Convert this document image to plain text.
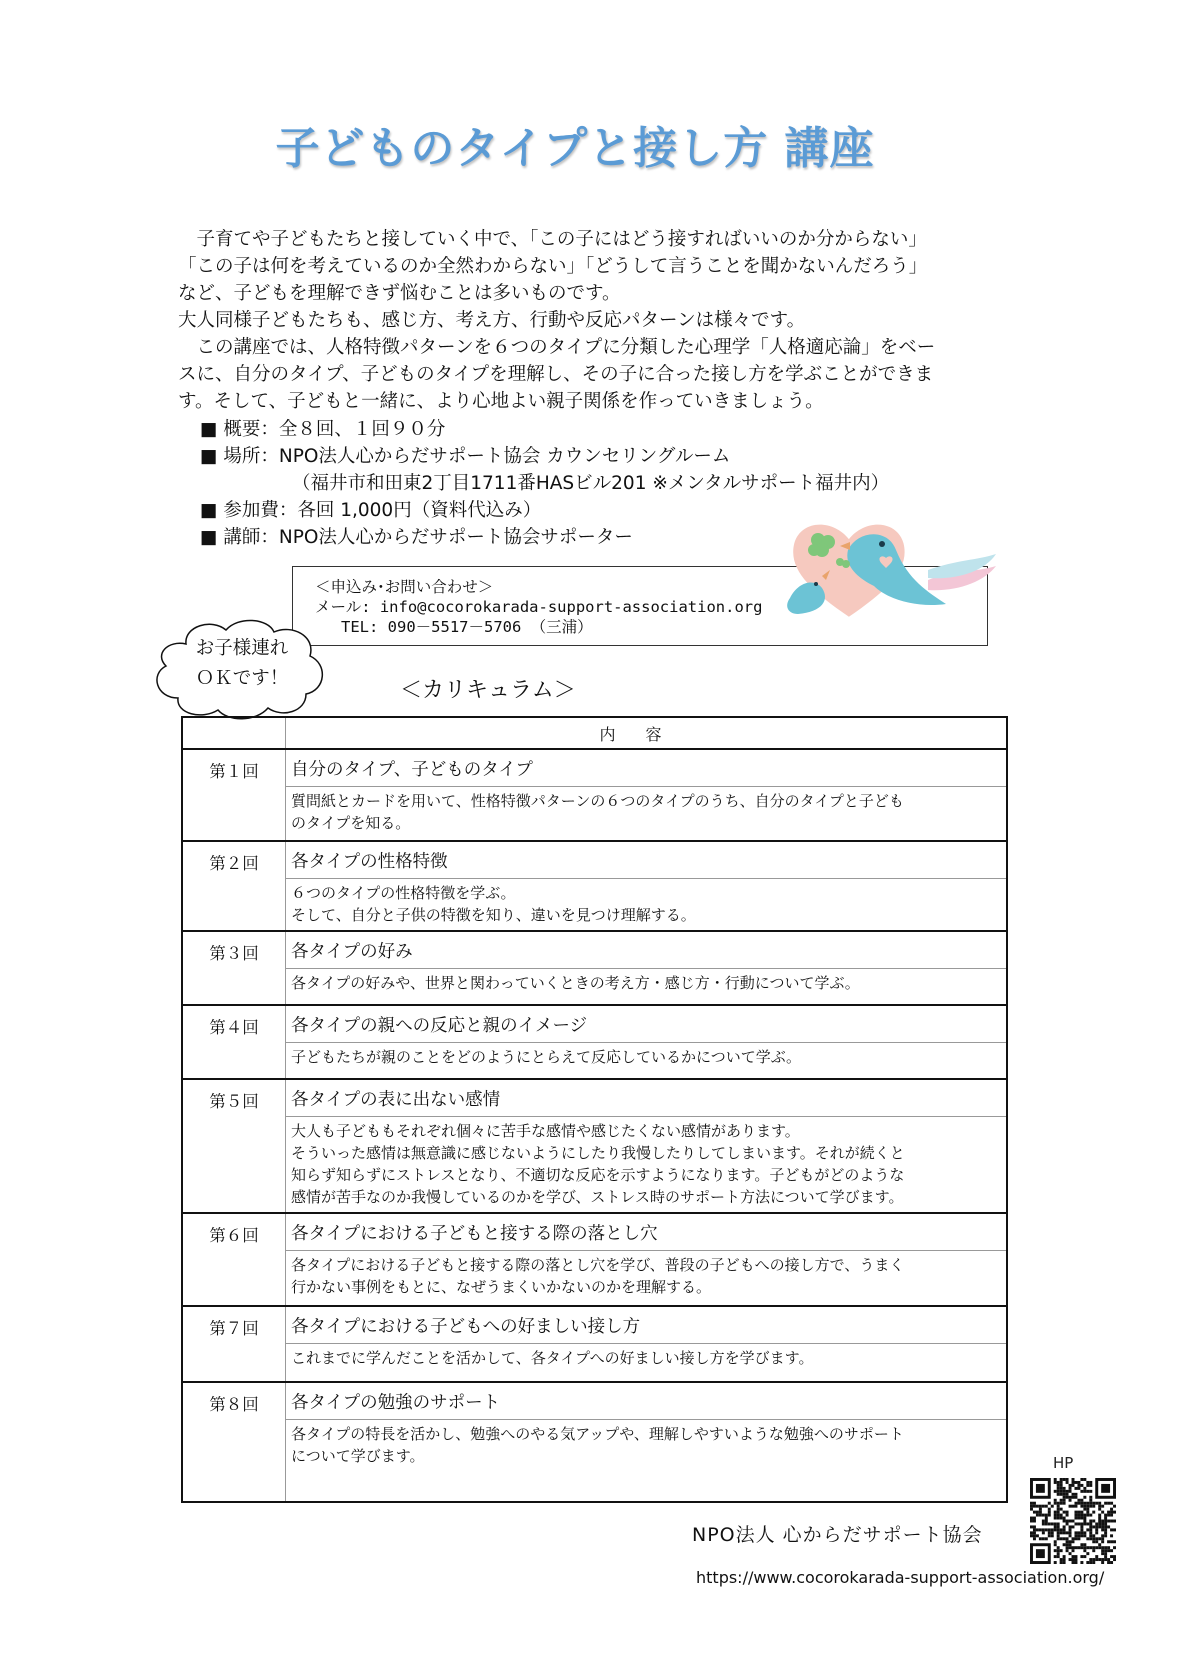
子どものタイプと接し方 講座

　子育てや子どもたちと接していく中で、「この子にはどう接すればいいのか分からない」

「この子は何を考えているのか全然わからない」「どうして言うことを聞かないんだろう」

など、子どもを理解できず悩むことは多いものです。

大人同様子どもたちも、感じ方、考え方、行動や反応パターンは様々です。

　この講座では、人格特徴パターンを６つのタイプに分類した心理学「人格適応論」をベー

スに、自分のタイプ、子どものタイプを理解し、その子に合った接し方を学ぶことができま

す。そして、子どもと一緒に、より心地よい親子関係を作っていきましょう。

■ 概要：全８回、１回９０分
■ 場所：NPO法人心からだサポート協会 カウンセリングルーム
（福井市和田東2丁目1711番HASビル201 ※メンタルサポート福井内）
■ 参加費：各回 1,000円（資料代込み）
■ 講師：NPO法人心からだサポート協会サポーター
＜申込み･お問い合わせ＞
メール: info@cocorokarada-support-association.org
TEL: 090－5517－5706 （三浦）
お子様連れ
ＯＫです！	＜カリキュラム＞
内容
第１回	自分のタイプ、子どものタイプ
質問紙とカードを用いて、性格特徴パターンの６つのタイプのうち、自分のタイプと子ども
のタイプを知る。
第２回	各タイプの性格特徴
６つのタイプの性格特徴を学ぶ。
そして、自分と子供の特徴を知り、違いを見つけ理解する。
第３回	各タイプの好み
各タイプの好みや、世界と関わっていくときの考え方・感じ方・行動について学ぶ。
第４回	各タイプの親への反応と親のイメージ
子どもたちが親のことをどのようにとらえて反応しているかについて学ぶ。
第５回	各タイプの表に出ない感情
大人も子どももそれぞれ個々に苦手な感情や感じたくない感情があります。
そういった感情は無意識に感じないようにしたり我慢したりしてしまいます。それが続くと
知らず知らずにストレスとなり、不適切な反応を示すようになります。子どもがどのような
感情が苦手なのか我慢しているのかを学び、ストレス時のサポート方法について学びます。
第６回	各タイプにおける子どもと接する際の落とし穴
各タイプにおける子どもと接する際の落とし穴を学び、普段の子どもへの接し方で、うまく
行かない事例をもとに、なぜうまくいかないのかを理解する。
第７回	各タイプにおける子どもへの好ましい接し方
これまでに学んだことを活かして、各タイプへの好ましい接し方を学びます。
第８回	各タイプの勉強のサポート
各タイプの特長を活かし、勉強へのやる気アップや、理解しやすいような勉強へのサポート
について学びます。	HP
NPO法人 心からだサポート協会
https://www.cocorokarada-support-association.org/
